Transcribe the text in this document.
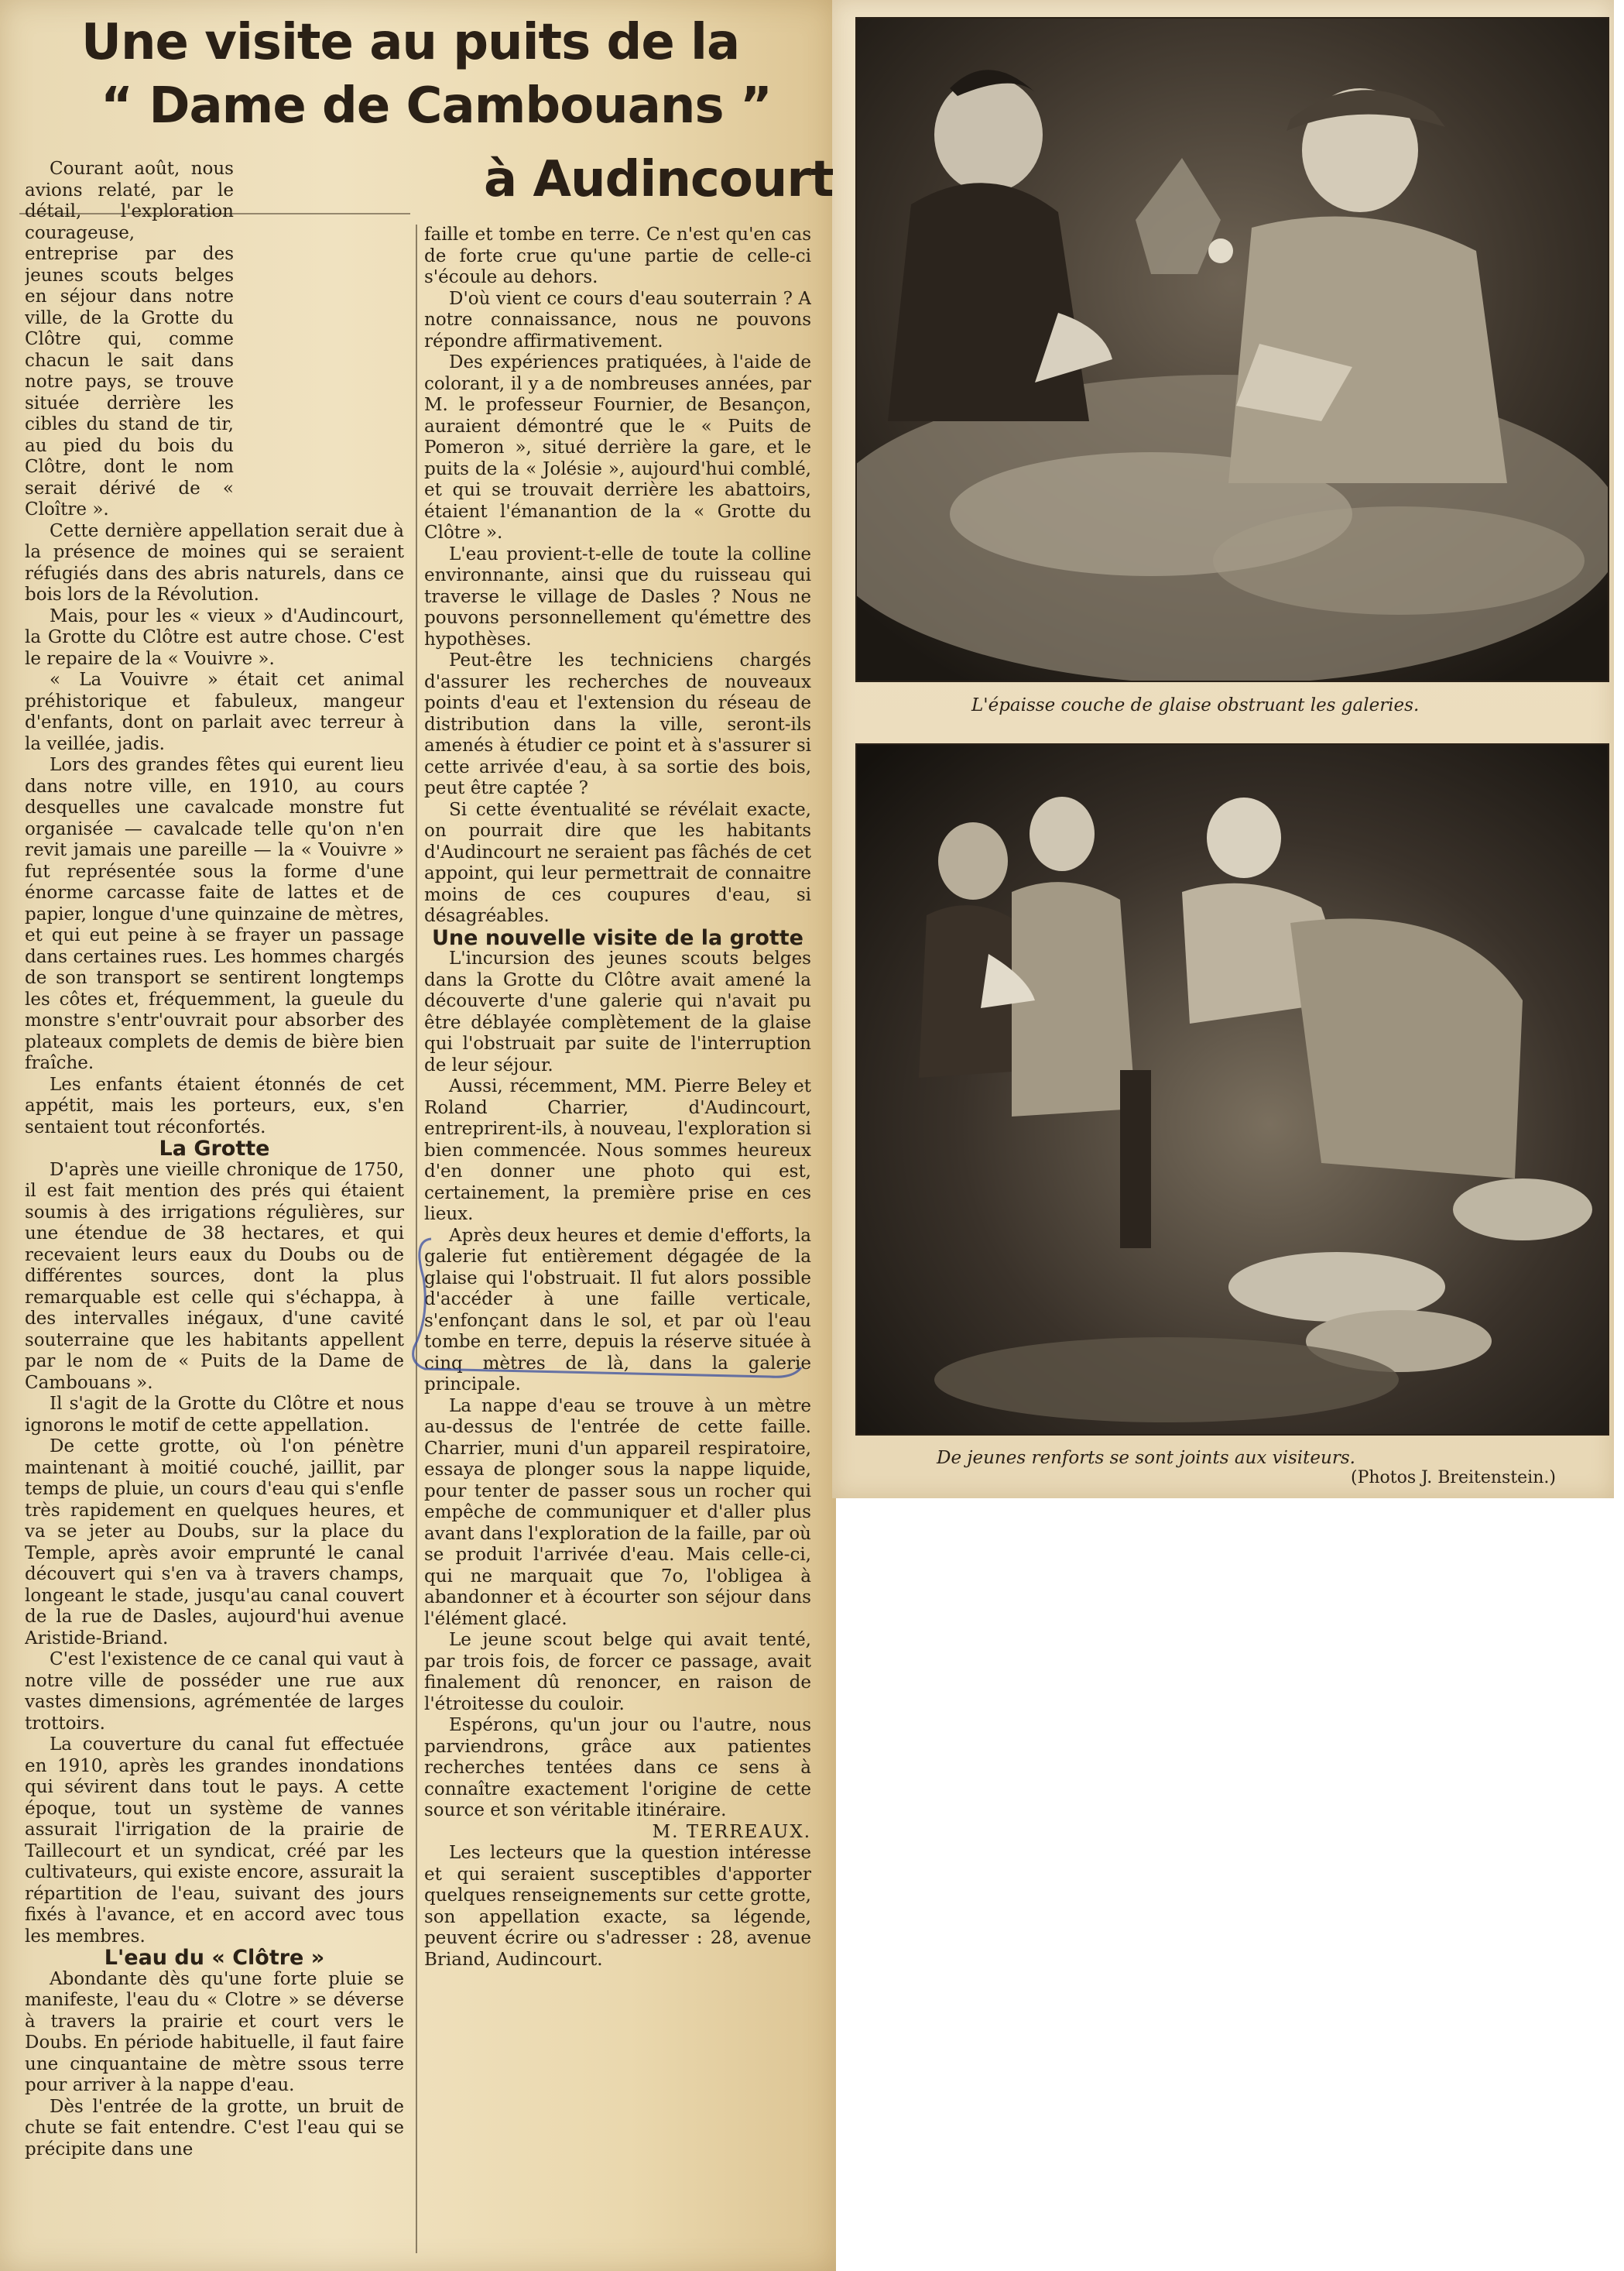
Une visite au puits de la
“ Dame de Cambouans ”
à Audincourt

Courant août, nous avions relaté, par le détail, l'exploration courageuse, entreprise par des jeunes scouts belges en séjour dans notre ville, de la Grotte du Clôtre qui, comme chacun le sait dans notre pays, se trouve située derrière les cibles du stand de tir, au pied du bois du Clôtre, dont le nom serait dérivé de « Cloître ».

Cette dernière appellation serait due à la présence de moines qui se seraient réfugiés dans des abris naturels, dans ce bois lors de la Révolution.

Mais, pour les « vieux » d'Audincourt, la Grotte du Clôtre est autre chose. C'est le repaire de la « Vouivre ».

« La Vouivre » était cet animal préhistorique et fabuleux, mangeur d'enfants, dont on parlait avec terreur à la veillée, jadis.

Lors des grandes fêtes qui eurent lieu dans notre ville, en 1910, au cours desquelles une cavalcade monstre fut organisée — cavalcade telle qu'on n'en revit jamais une pareille — la « Vouivre » fut représentée sous la forme d'une énorme carcasse faite de lattes et de papier, longue d'une quinzaine de mètres, et qui eut peine à se frayer un passage dans certaines rues. Les hommes chargés de son transport se sentirent longtemps les côtes et, fréquemment, la gueule du monstre s'entr'ouvrait pour absorber des plateaux complets de demis de bière bien fraîche.

Les enfants étaient étonnés de cet appétit, mais les porteurs, eux, s'en sentaient tout réconfortés.

La Grotte

D'après une vieille chronique de 1750, il est fait mention des prés qui étaient soumis à des irrigations régulières, sur une étendue de 38 hectares, et qui recevaient leurs eaux du Doubs ou de différentes sources, dont la plus remarquable est celle qui s'échappa, à des intervalles inégaux, d'une cavité souterraine que les habitants appellent par le nom de « Puits de la Dame de Cambouans ».

Il s'agit de la Grotte du Clôtre et nous ignorons le motif de cette appellation.

De cette grotte, où l'on pénètre maintenant à moitié couché, jaillit, par temps de pluie, un cours d'eau qui s'enfle très rapidement en quelques heures, et va se jeter au Doubs, sur la place du Temple, après avoir emprunté le canal découvert qui s'en va à travers champs, longeant le stade, jusqu'au canal couvert de la rue de Dasles, aujourd'hui avenue Aristide-Briand.

C'est l'existence de ce canal qui vaut à notre ville de posséder une rue aux vastes dimensions, agrémentée de larges trottoirs.

La couverture du canal fut effectuée en 1910, après les grandes inondations qui sévirent dans tout le pays. A cette époque, tout un système de vannes assurait l'irrigation de la prairie de Taillecourt et un syndicat, créé par les cultivateurs, qui existe encore, assurait la répartition de l'eau, suivant des jours fixés à l'avance, et en accord avec tous les membres.

L'eau du « Clôtre »

Abondante dès qu'une forte pluie se manifeste, l'eau du « Clotre » se déverse à travers la prairie et court vers le Doubs. En période habituelle, il faut faire une cinquantaine de mètre ssous terre pour arriver à la nappe d'eau.

Dès l'entrée de la grotte, un bruit de chute se fait entendre. C'est l'eau qui se précipite dans une

faille et tombe en terre. Ce n'est qu'en cas de forte crue qu'une partie de celle-ci s'écoule au dehors.

D'où vient ce cours d'eau souterrain ? A notre connaissance, nous ne pouvons répondre affirmativement.

Des expériences pratiquées, à l'aide de colorant, il y a de nombreuses années, par M. le professeur Fournier, de Besançon, auraient démontré que le « Puits de Pomeron », situé derrière la gare, et le puits de la « Jolésie », aujourd'hui comblé, et qui se trouvait derrière les abattoirs, étaient l'émanantion de la « Grotte du Clôtre ».

L'eau provient-t-elle de toute la colline environnante, ainsi que du ruisseau qui traverse le village de Dasles ? Nous ne pouvons personnellement qu'émettre des hypothèses.

Peut-être les techniciens chargés d'assurer les recherches de nouveaux points d'eau et l'extension du réseau de distribution dans la ville, seront-ils amenés à étudier ce point et à s'assurer si cette arrivée d'eau, à sa sortie des bois, peut être captée ?

Si cette éventualité se révélait exacte, on pourrait dire que les habitants d'Audincourt ne seraient pas fâchés de cet appoint, qui leur permettrait de connaitre moins de ces coupures d'eau, si désagréables.

Une nouvelle visite de la grotte

L'incursion des jeunes scouts belges dans la Grotte du Clôtre avait amené la découverte d'une galerie qui n'avait pu être déblayée complètement de la glaise qui l'obstruait par suite de l'interruption de leur séjour.

Aussi, récemment, MM. Pierre Beley et Roland Charrier, d'Audincourt, entreprirent-ils, à nouveau, l'exploration si bien commencée. Nous sommes heureux d'en donner une photo qui est, certainement, la première prise en ces lieux.

Après deux heures et demie d'efforts, la galerie fut entièrement dégagée de la glaise qui l'obstruait. Il fut alors possible d'accéder à une faille verticale, s'enfonçant dans le sol, et par où l'eau tombe en terre, depuis la réserve située à cinq mètres de là, dans la galerie principale.

La nappe d'eau se trouve à un mètre au-dessus de l'entrée de cette faille. Charrier, muni d'un appareil respiratoire, essaya de plonger sous la nappe liquide, pour tenter de passer sous un rocher qui empêche de communiquer et d'aller plus avant dans l'exploration de la faille, par où se produit l'arrivée d'eau. Mais celle-ci, qui ne marquait que 7o, l'obligea à abandonner et à écourter son séjour dans l'élément glacé.

Le jeune scout belge qui avait tenté, par trois fois, de forcer ce passage, avait finalement dû renoncer, en raison de l'étroitesse du couloir.

Espérons, qu'un jour ou l'autre, nous parviendrons, grâce aux patientes recherches tentées dans ce sens à connaître exactement l'origine de cette source et son véritable itinéraire.

M. TERREAUX.

Les lecteurs que la question intéresse et qui seraient susceptibles d'apporter quelques renseignements sur cette grotte, son appellation exacte, sa légende, peuvent écrire ou s'adresser : 28, avenue Briand, Audincourt.

L'épaisse couche de glaise obstruant les galeries.
De jeunes renforts se sont joints aux visiteurs.
(Photos J. Breitenstein.)
